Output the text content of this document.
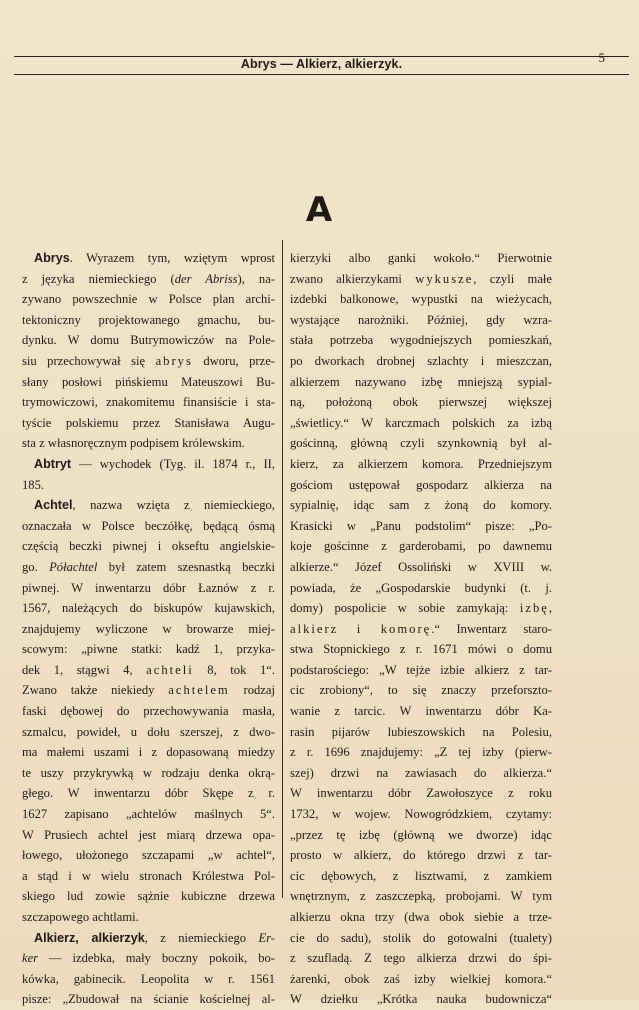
Abrys — Alkierz, alkierzyk.	5
A
Abrys. Wyrazem tym, wziętym wprost
z języka niemieckiego (der Abriss), na-
zywano powszechnie w Polsce plan archi-
tektoniczny projektowanego gmachu, bu-
dynku. W domu Butrymowiczów na Pole-
siu przechowywał się abrys dworu, prze-
słany posłowi pińskiemu Mateuszowi Bu-
trymowiczowi, znakomitemu finansiście i sta-
tyście polskiemu przez Stanisława Augu-
sta z własnoręcznym podpisem królewskim.
Abtryt — wychodek (Tyg. il. 1874 r., II,
185.
Achtel, nazwa wzięta z niemieckiego,
oznaczała w Polsce beczółkę, będącą ósmą
częścią beczki piwnej i okseftu angielskie-
go. Półachtel był zatem szesnastką beczki
piwnej. W inwentarzu dóbr Łaznów z r.
1567, należących do biskupów kujawskich,
znajdujemy wyliczone w browarze miej-
scowym: „piwne statki: kadź 1, przyka-
dek 1, stągwi 4, achteli 8, tok 1“.
Zwano także niekiedy achtelem rodzaj
faski dębowej do przechowywania masła,
szmalcu, powideł, u dołu szerszej, z dwo-
ma małemi uszami i z dopasowaną miedzy
te uszy przykrywką w rodzaju denka okrą-
głego. W inwentarzu dóbr Skępe z r.
1627 zapisano „achtelów maślnych 5“.
W Prusiech achtel jest miarą drzewa opa-
łowego, ułożonego szczapami „w achtel“,
a stąd i w wielu stronach Królestwa Pol-
skiego lud zowie sążnie kubiczne drzewa
szczapowego achtlami.
Alkierz, alkierzyk, z niemieckiego Er-
ker — izdebka, mały boczny pokoik, bo-
kówka, gabinecik. Leopolita w r. 1561
pisze: „Zbudował na ścianie kościelnej al-
kierzyki albo ganki wokoło.“ Pierwotnie
zwano alkierzykami wykusze, czyli małe
izdebki balkonowe, wypustki na wieżycach,
wystające narożniki. Później, gdy wzra-
stała potrzeba wygodniejszych pomieszkań,
po dworkach drobnej szlachty i mieszczan,
alkierzem nazywano izbę mniejszą sypial-
ną, położoną obok pierwszej większej
„świetlicy.“ W karczmach polskich za izbą
gościnną, główną czyli szynkownią był al-
kierz, za alkierzem komora. Przedniejszym
gościom ustępował gospodarz alkierza na
sypialnię, idąc sam z żoną do komory.
Krasicki w „Panu podstolim“ pisze: „Po-
koje gościnne z garderobami, po dawnemu
alkierze.“ Józef Ossoliński w XVIII w.
powiada, że „Gospodarskie budynki (t. j.
domy) pospolicie w sobie zamykają: izbę,
alkierz i komorę.“ Inwentarz staro-
stwa Stopnickiego z r. 1671 mówi o domu
podstarościego: „W tejże izbie alkierz z tar-
cic zrobiony“, to się znaczy przeforszto-
wanie z tarcic. W inwentarzu dóbr Ka-
rasin pijarów lubieszowskich na Polesiu,
z r. 1696 znajdujemy: „Z tej izby (pierw-
szej) drzwi na zawiasach do alkierza.“
W inwentarzu dóbr Zawołoszyce z roku
1732, w wojew. Nowogródzkiem, czytamy:
„przez tę izbę (główną we dworze) idąc
prosto w alkierz, do którego drzwi z tar-
cic dębowych, z lisztwami, z zamkiem
wnętrznym, z zaszczepką, probojami. W tym
alkierzu okna trzy (dwa obok siebie a trze-
cie do sadu), stolik do gotowalni (tualety)
z szufladą. Z tego alkierza drzwi do śpi-
żarenki, obok zaś izby wielkiej komora.“
W dziełku „Krótka nauka budownicza“
